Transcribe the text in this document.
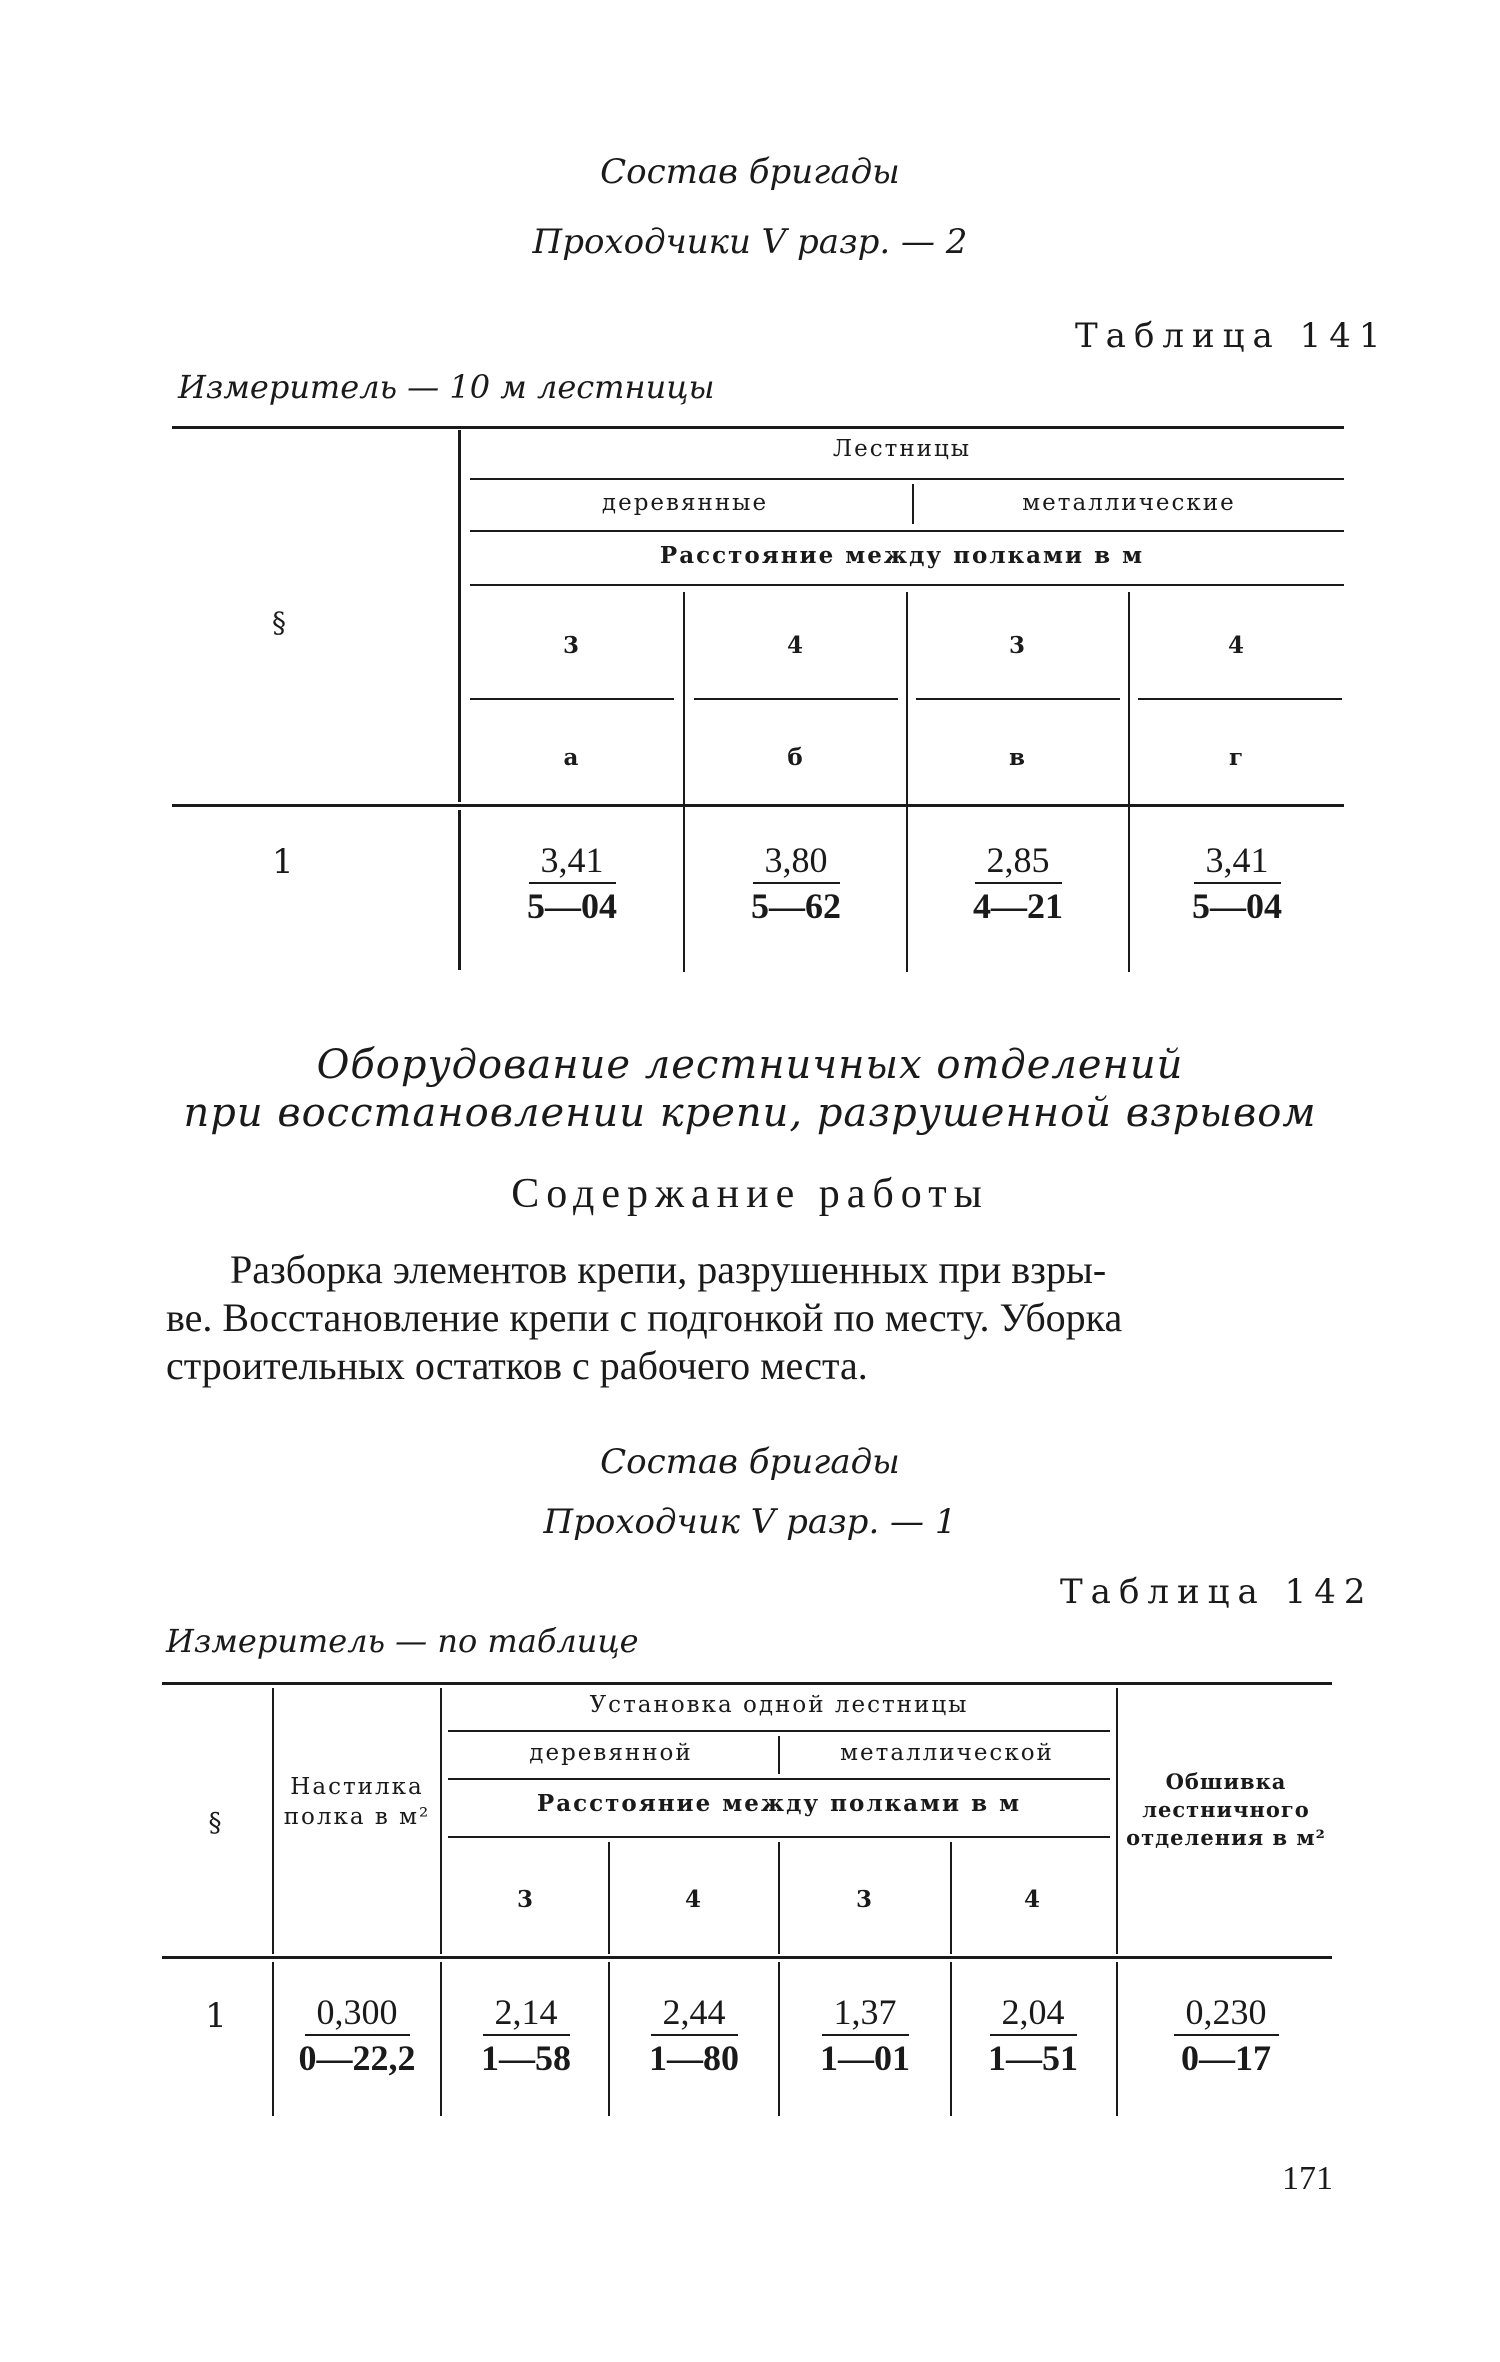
Состав бригады
Проходчики V разр. — 2
Таблица 141
Измеритель — 10 м лестницы
Лестницы
деревянные	металлические
Расстояние между полками в м
§
3	4	3	4
а	б	в	г
1	$\frac{3,41}{5—04} \frac{3,80}{5—62} \frac{2,85}{4—21} \frac{3,41}{5—04}$
Оборудование лестничных отделений
при восстановлении крепи, разрушенной взрывом
Содержание работы
Разборка элементов крепи, разрушенных при взры-
ве. Восстановление крепи с подгонкой по месту. Уборка
строительных остатков с рабочего места.
Состав бригады
Проходчик V разр. — 1
Таблица 142
Измеритель — по таблице
§
Настилка полка в м²
Установка одной лестницы
деревянной	металлической
Расстояние между полками в м
3	4	3	4
Обшивка лестничного отделения в м²
1	$\frac{0,300}{0—22,2} \frac{2,14}{1—58} \frac{2,44}{1—80} \frac{1,37}{1—01} \frac{2,04}{1—51} \frac{0,230}{0—17}$
171
